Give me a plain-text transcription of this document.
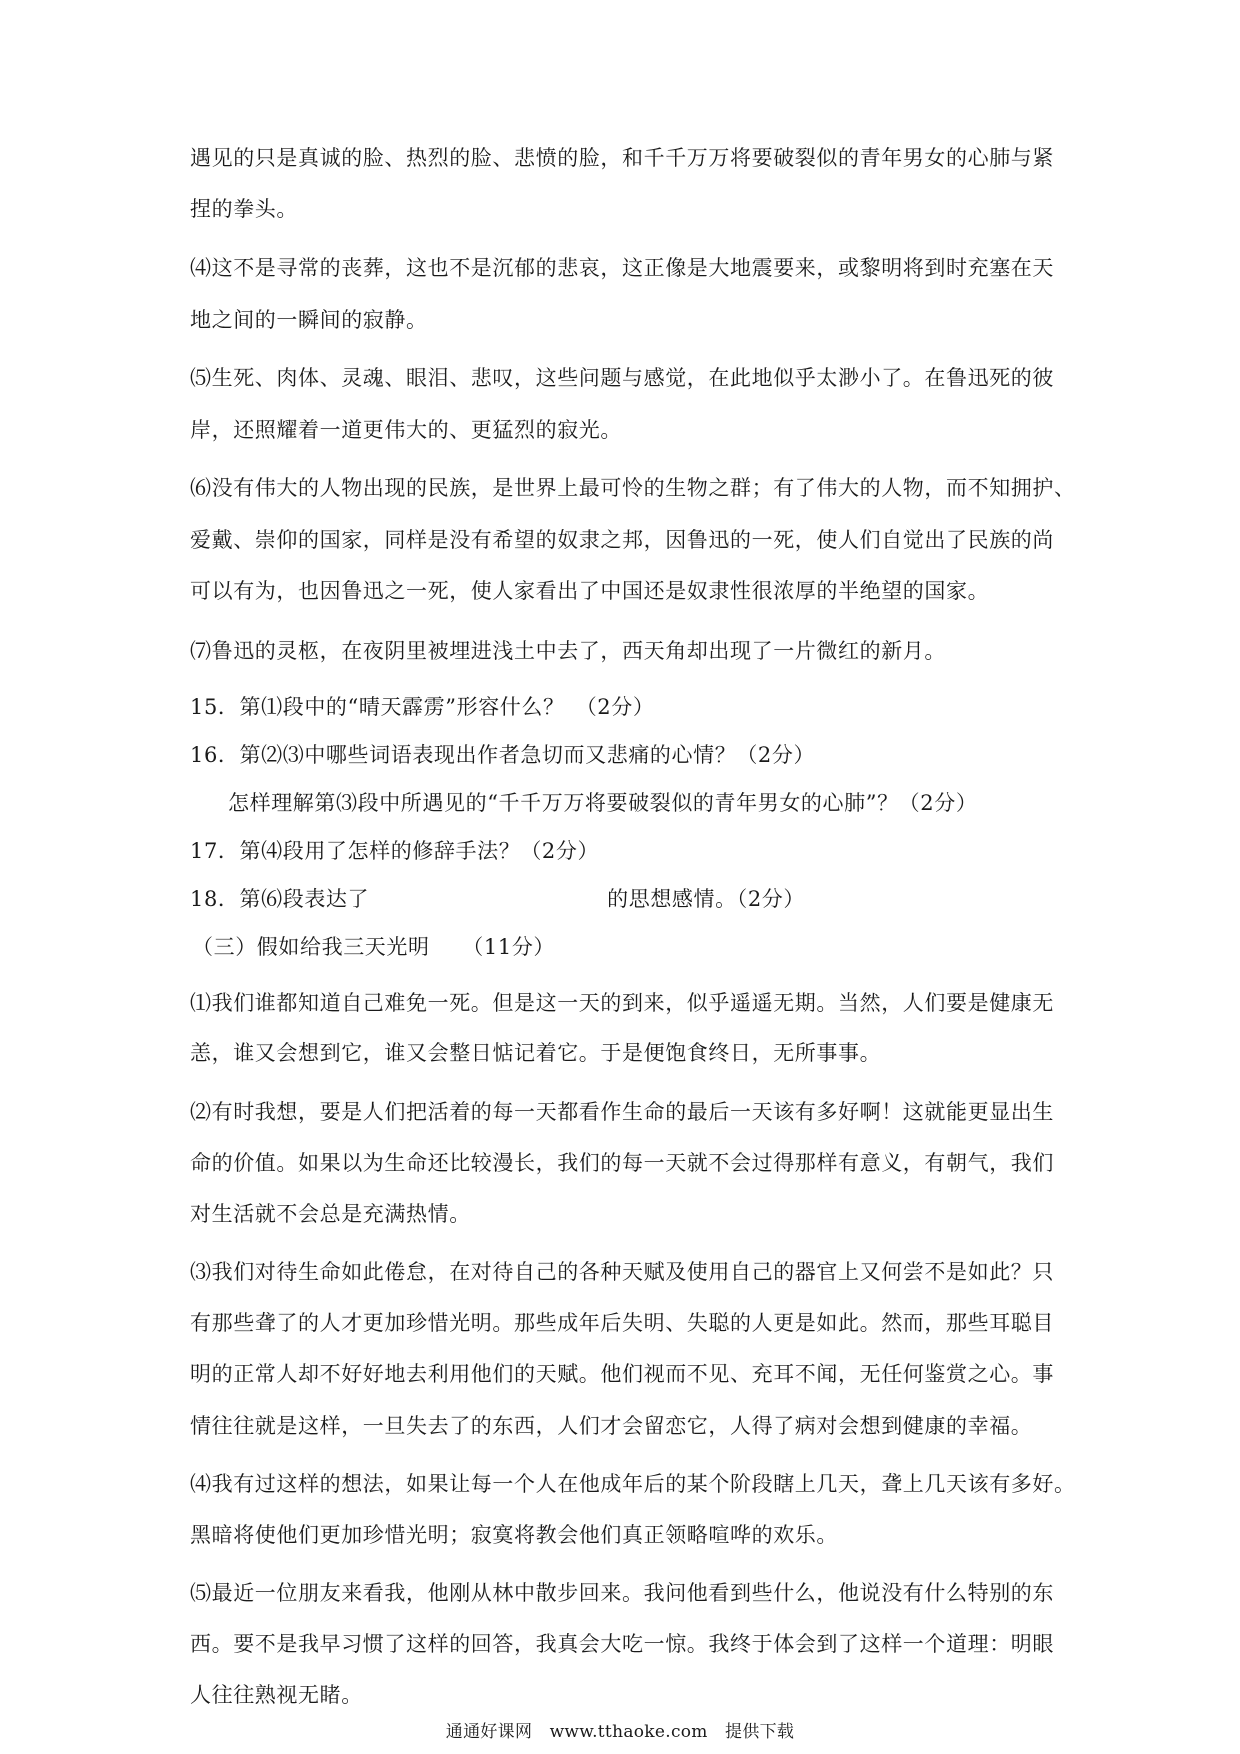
遇见的只是真诚的脸、热烈的脸、悲愤的脸，和千千万万将要破裂似的青年男女的心肺与紧
捏的拳头。
⑷这不是寻常的丧葬，这也不是沉郁的悲哀，这正像是大地震要来，或黎明将到时充塞在天
地之间的一瞬间的寂静。
⑸生死、肉体、灵魂、眼泪、悲叹，这些问题与感觉，在此地似乎太渺小了。在鲁迅死的彼
岸，还照耀着一道更伟大的、更猛烈的寂光。
⑹没有伟大的人物出现的民族，是世界上最可怜的生物之群；有了伟大的人物，而不知拥护、
爱戴、崇仰的国家，同样是没有希望的奴隶之邦，因鲁迅的一死，使人们自觉出了民族的尚
可以有为，也因鲁迅之一死，使人家看出了中国还是奴隶性很浓厚的半绝望的国家。
⑺鲁迅的灵柩，在夜阴里被埋进浅土中去了，西天角却出现了一片微红的新月。
15．第⑴段中的“晴天霹雳”形容什么？　（2分）
16．第⑵⑶中哪些词语表现出作者急切而又悲痛的心情？（2分）
怎样理解第⑶段中所遇见的“千千万万将要破裂似的青年男女的心肺”？（2分）
17．第⑷段用了怎样的修辞手法？（2分）
18．第⑹段表达了	的思想感情。（2分）
（三）假如给我三天光明　　（11分）
⑴我们谁都知道自己难免一死。但是这一天的到来，似乎遥遥无期。当然，人们要是健康无
恙，谁又会想到它，谁又会整日惦记着它。于是便饱食终日，无所事事。
⑵有时我想，要是人们把活着的每一天都看作生命的最后一天该有多好啊！这就能更显出生
命的价值。如果以为生命还比较漫长，我们的每一天就不会过得那样有意义，有朝气，我们
对生活就不会总是充满热情。
⑶我们对待生命如此倦怠，在对待自己的各种天赋及使用自己的器官上又何尝不是如此？只
有那些聋了的人才更加珍惜光明。那些成年后失明、失聪的人更是如此。然而，那些耳聪目
明的正常人却不好好地去利用他们的天赋。他们视而不见、充耳不闻，无任何鉴赏之心。事
情往往就是这样，一旦失去了的东西，人们才会留恋它，人得了病对会想到健康的幸福。
⑷我有过这样的想法，如果让每一个人在他成年后的某个阶段瞎上几天，聋上几天该有多好。
黑暗将使他们更加珍惜光明；寂寞将教会他们真正领略喧哗的欢乐。
⑸最近一位朋友来看我，他刚从林中散步回来。我问他看到些什么，他说没有什么特别的东
西。要不是我早习惯了这样的回答，我真会大吃一惊。我终于体会到了这样一个道理：明眼
人往往熟视无睹。
通通好课网　www.tthaoke.com　提供下载
